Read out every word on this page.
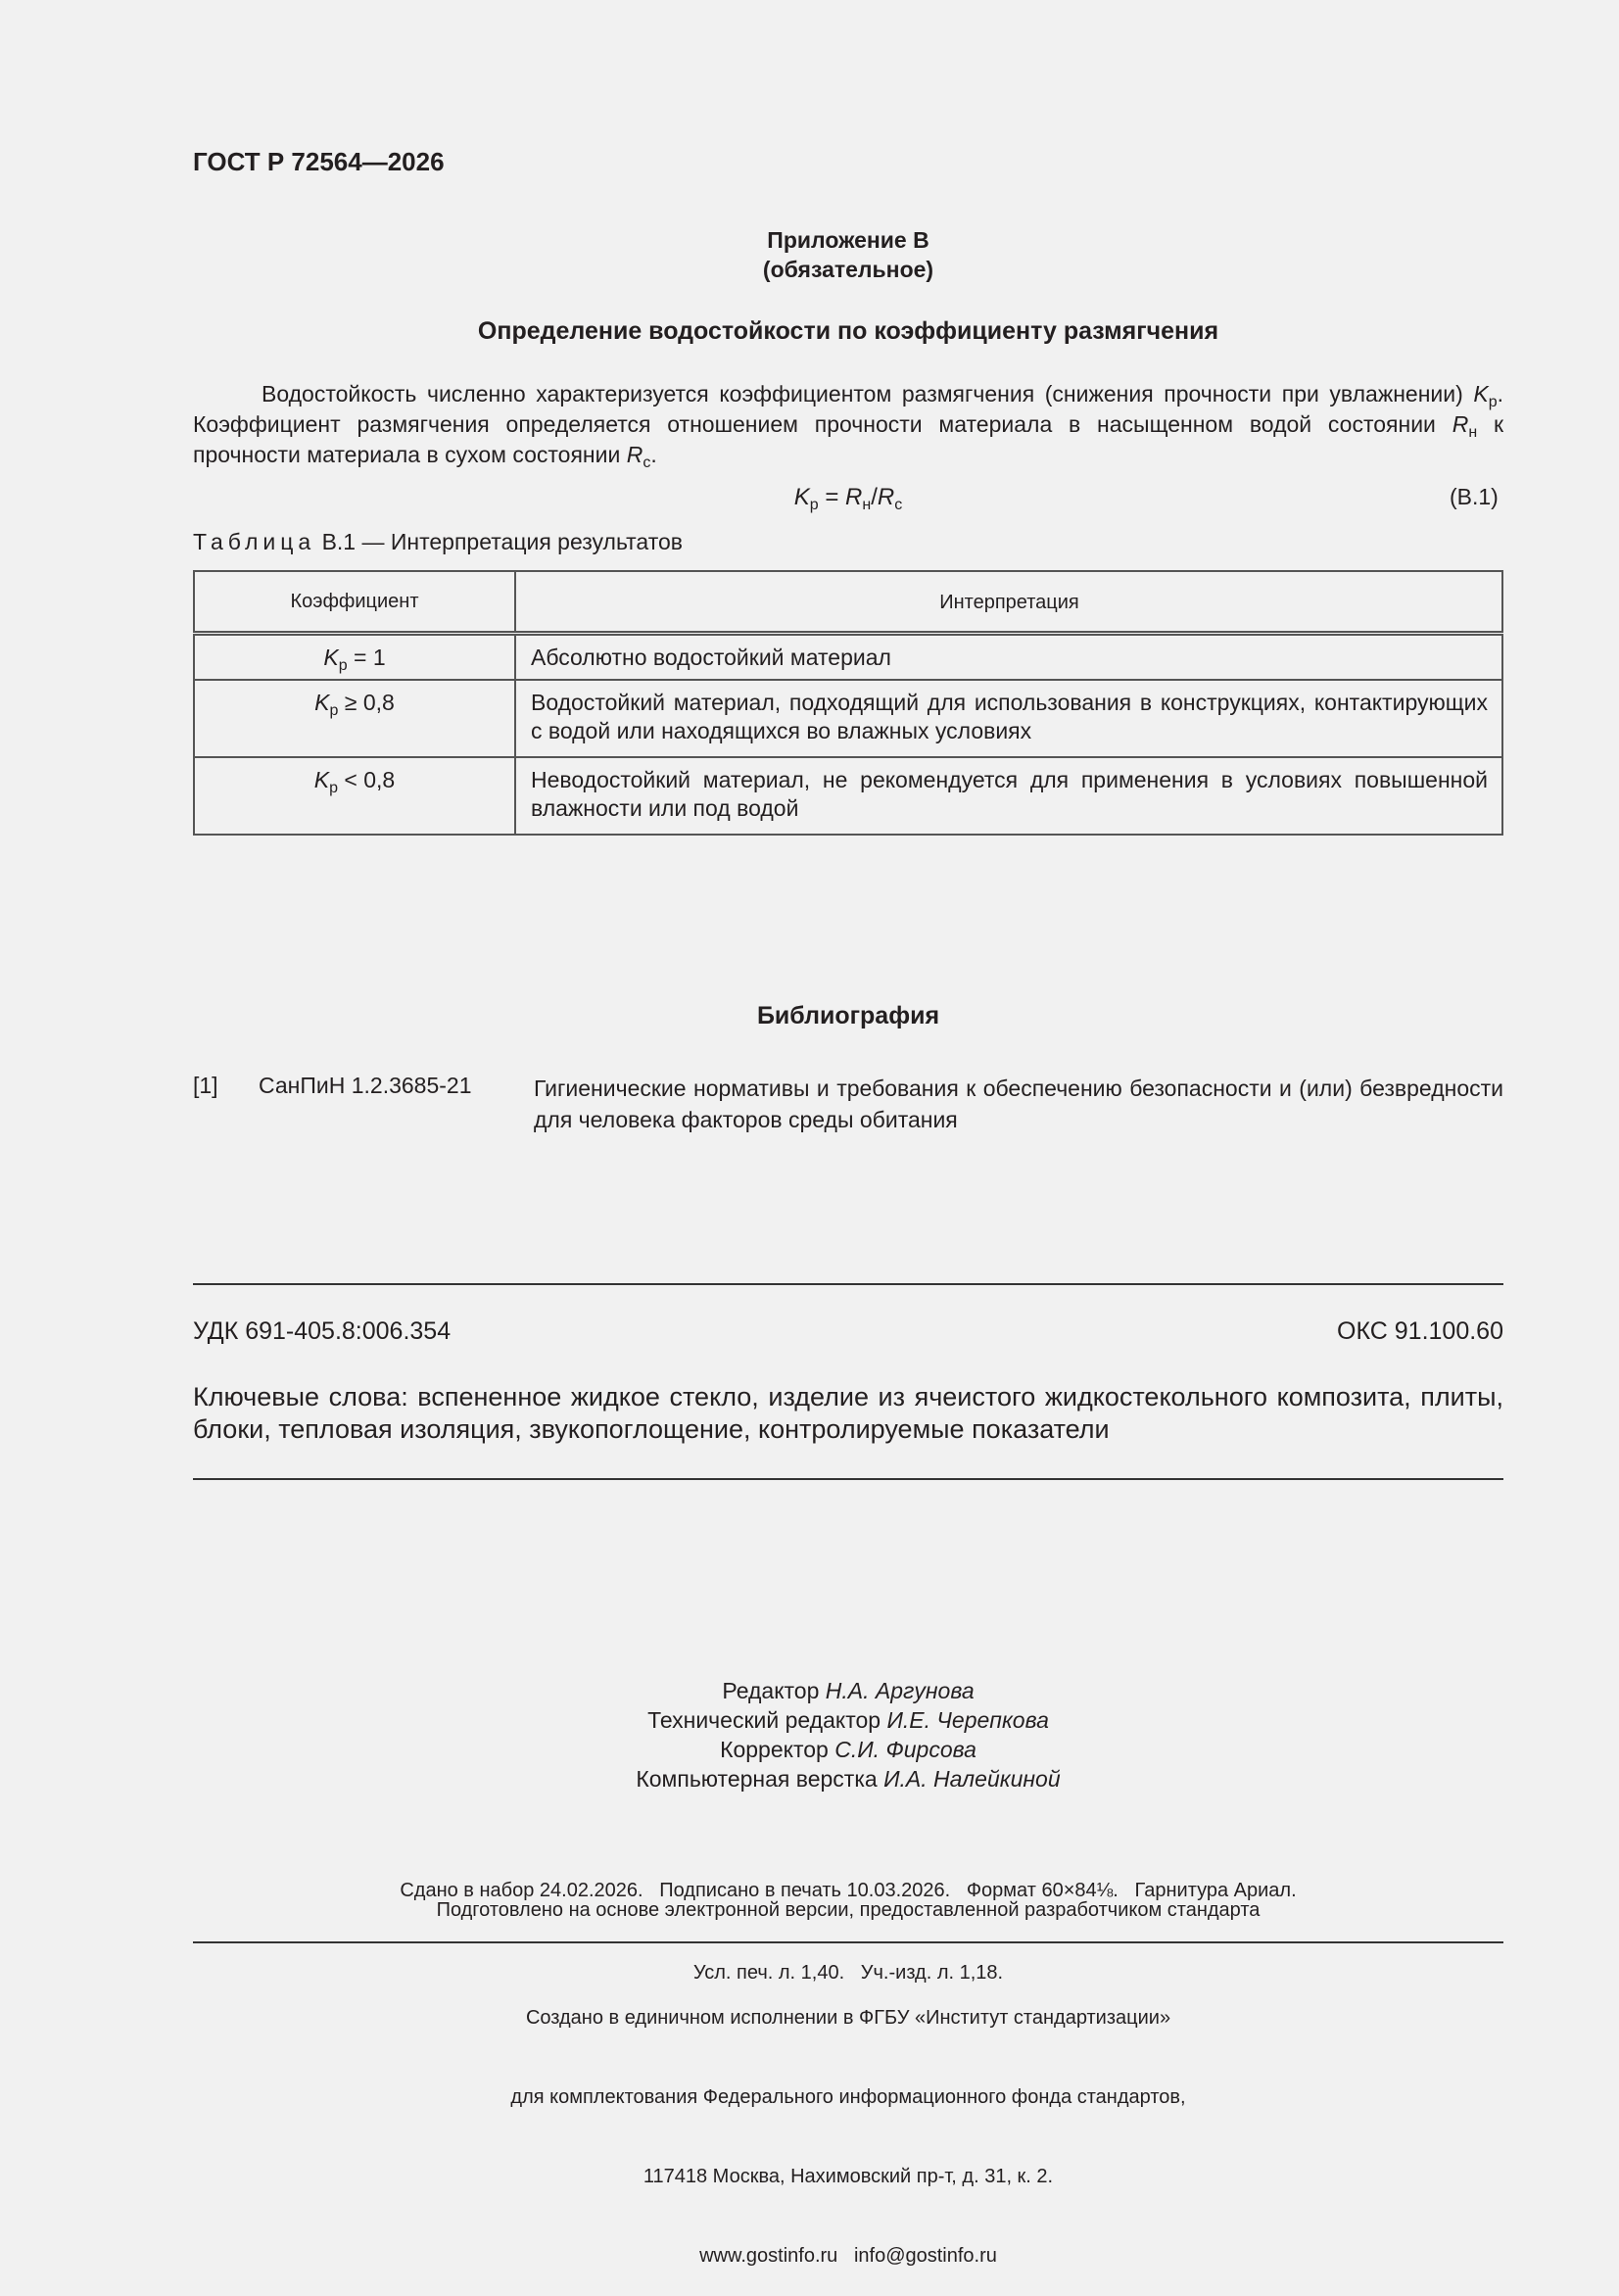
ГОСТ Р 72564—2026
Приложение В
(обязательное)
Определение водостойкости по коэффициенту размягчения
Водостойкость численно характеризуется коэффициентом размягчения (снижения прочности при увлажнении) $K_р$. Коэффициент размягчения определяется отношением прочности материала в насыщенном водой состоянии $R_н$ к прочности материала в сухом состоянии $R_с$.
$K_р = R_н/R_с$	(В.1)
Таблица В.1 — Интерпретация результатов
Коэффициент	Интерпретация
$K_р = 1$	Абсолютно водостойкий материал
$K_р \ge 0,8$	Водостойкий материал, подходящий для использования в конструкциях, контактирующих с водой или находящихся во влажных условиях
$K_р < 0,8$	Неводостойкий материал, не рекомендуется для применения в условиях повышенной влажности или под водой
Библиография
[1] СанПиН 1.2.3685-21	Гигиенические нормативы и требования к обеспечению безопасности и (или) безвредности для человека факторов среды обитания
УДК 691-405.8:006.354	ОКС 91.100.60
Ключевые слова: вспененное жидкое стекло, изделие из ячеистого жидкостекольного композита, плиты, блоки, тепловая изоляция, звукопоглощение, контролируемые показатели
Редактор Н.А. Аргунова
Технический редактор И.Е. Черепкова
Корректор С.И. Фирсова
Компьютерная верстка И.А. Налейкиной

Сдано в набор 24.02.2026.   Подписано в печать 10.03.2026.   Формат 60×84⅛.   Гарнитура Ариал.

Усл. печ. л. 1,40.   Уч.-изд. л. 1,18.

Подготовлено на основе электронной версии, предоставленной разработчиком стандарта

Создано в единичном исполнении в ФГБУ «Институт стандартизации»

для комплектования Федерального информационного фонда стандартов,

117418 Москва, Нахимовский пр-т, д. 31, к. 2.

www.gostinfo.ru   info@gostinfo.ru
